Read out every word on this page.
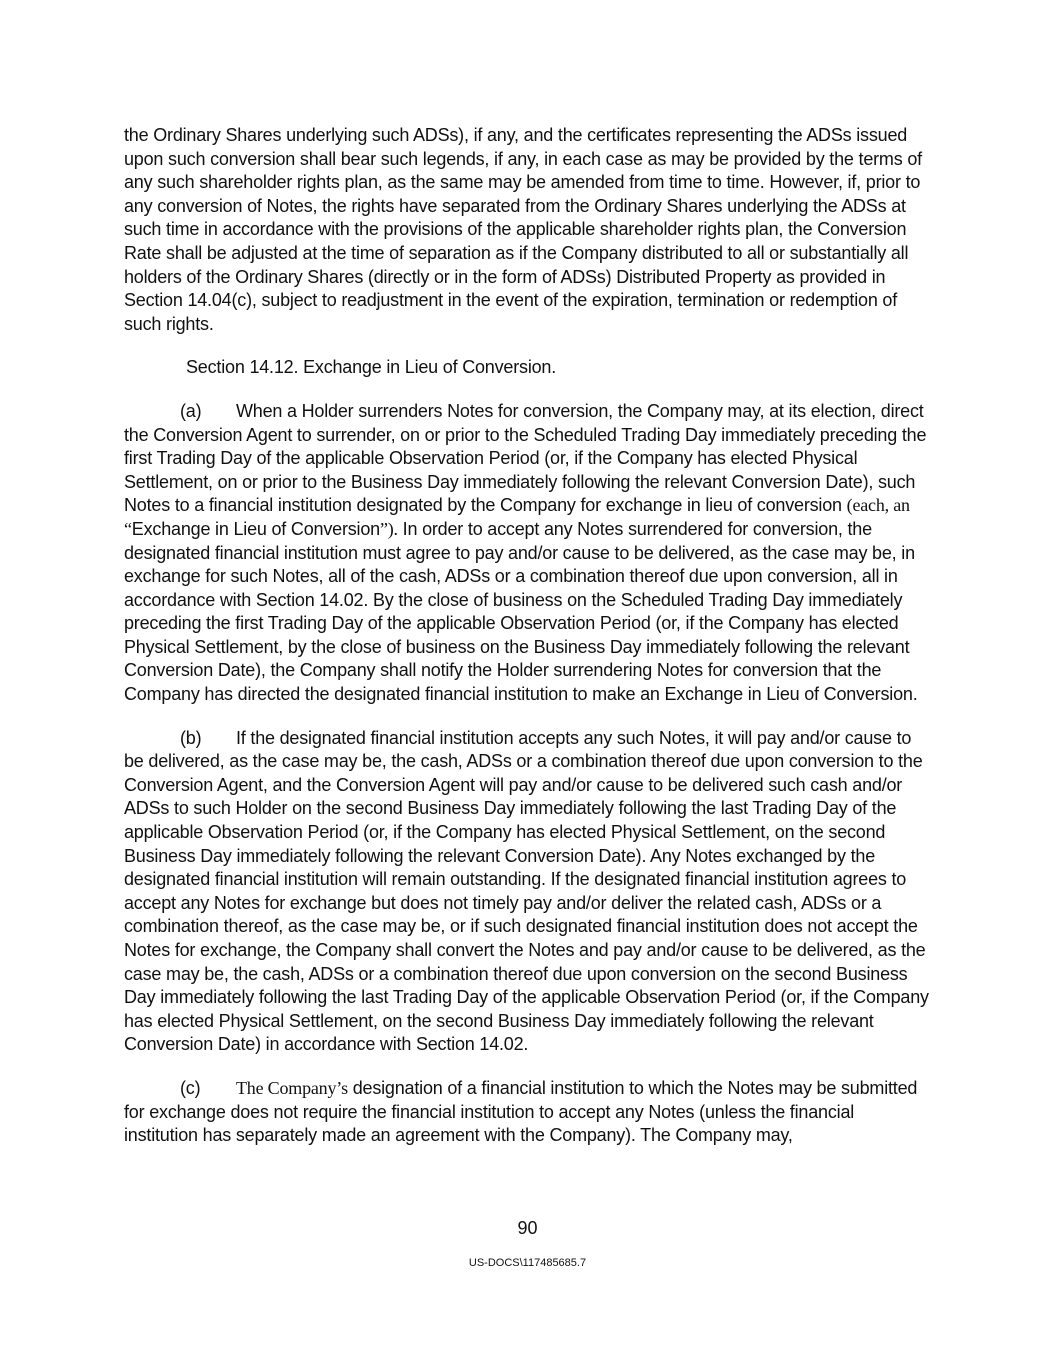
the Ordinary Shares underlying such ADSs), if any, and the certificates representing the ADSs issued upon such conversion shall bear such legends, if any, in each case as may be provided by the terms of any such shareholder rights plan, as the same may be amended from time to time. However, if, prior to any conversion of Notes, the rights have separated from the Ordinary Shares underlying the ADSs at such time in accordance with the provisions of the applicable shareholder rights plan, the Conversion Rate shall be adjusted at the time of separation as if the Company distributed to all or substantially all holders of the Ordinary Shares (directly or in the form of ADSs) Distributed Property as provided in Section 14.04(c), subject to readjustment in the event of the expiration, termination or redemption of such rights.

Section 14.12. Exchange in Lieu of Conversion.

(a) When a Holder surrenders Notes for conversion, the Company may, at its election, direct the Conversion Agent to surrender, on or prior to the Scheduled Trading Day immediately preceding the first Trading Day of the applicable Observation Period (or, if the Company has elected Physical Settlement, on or prior to the Business Day immediately following the relevant Conversion Date), such Notes to a financial institution designated by the Company for exchange in lieu of conversion (each, an “Exchange in Lieu of Conversion”). In order to accept any Notes surrendered for conversion, the designated financial institution must agree to pay and/or cause to be delivered, as the case may be, in exchange for such Notes, all of the cash, ADSs or a combination thereof due upon conversion, all in accordance with Section 14.02. By the close of business on the Scheduled Trading Day immediately preceding the first Trading Day of the applicable Observation Period (or, if the Company has elected Physical Settlement, by the close of business on the Business Day immediately following the relevant Conversion Date), the Company shall notify the Holder surrendering Notes for conversion that the Company has directed the designated financial institution to make an Exchange in Lieu of Conversion.

(b) If the designated financial institution accepts any such Notes, it will pay and/or cause to be delivered, as the case may be, the cash, ADSs or a combination thereof due upon conversion to the Conversion Agent, and the Conversion Agent will pay and/or cause to be delivered such cash and/or ADSs to such Holder on the second Business Day immediately following the last Trading Day of the applicable Observation Period (or, if the Company has elected Physical Settlement, on the second Business Day immediately following the relevant Conversion Date). Any Notes exchanged by the designated financial institution will remain outstanding. If the designated financial institution agrees to accept any Notes for exchange but does not timely pay and/or deliver the related cash, ADSs or a combination thereof, as the case may be, or if such designated financial institution does not accept the Notes for exchange, the Company shall convert the Notes and pay and/or cause to be delivered, as the case may be, the cash, ADSs or a combination thereof due upon conversion on the second Business Day immediately following the last Trading Day of the applicable Observation Period (or, if the Company has elected Physical Settlement, on the second Business Day immediately following the relevant Conversion Date) in accordance with Section 14.02.

(c) The Company’s designation of a financial institution to which the Notes may be submitted for exchange does not require the financial institution to accept any Notes (unless the financial institution has separately made an agreement with the Company). The Company may,

90
US-DOCS\117485685.7
